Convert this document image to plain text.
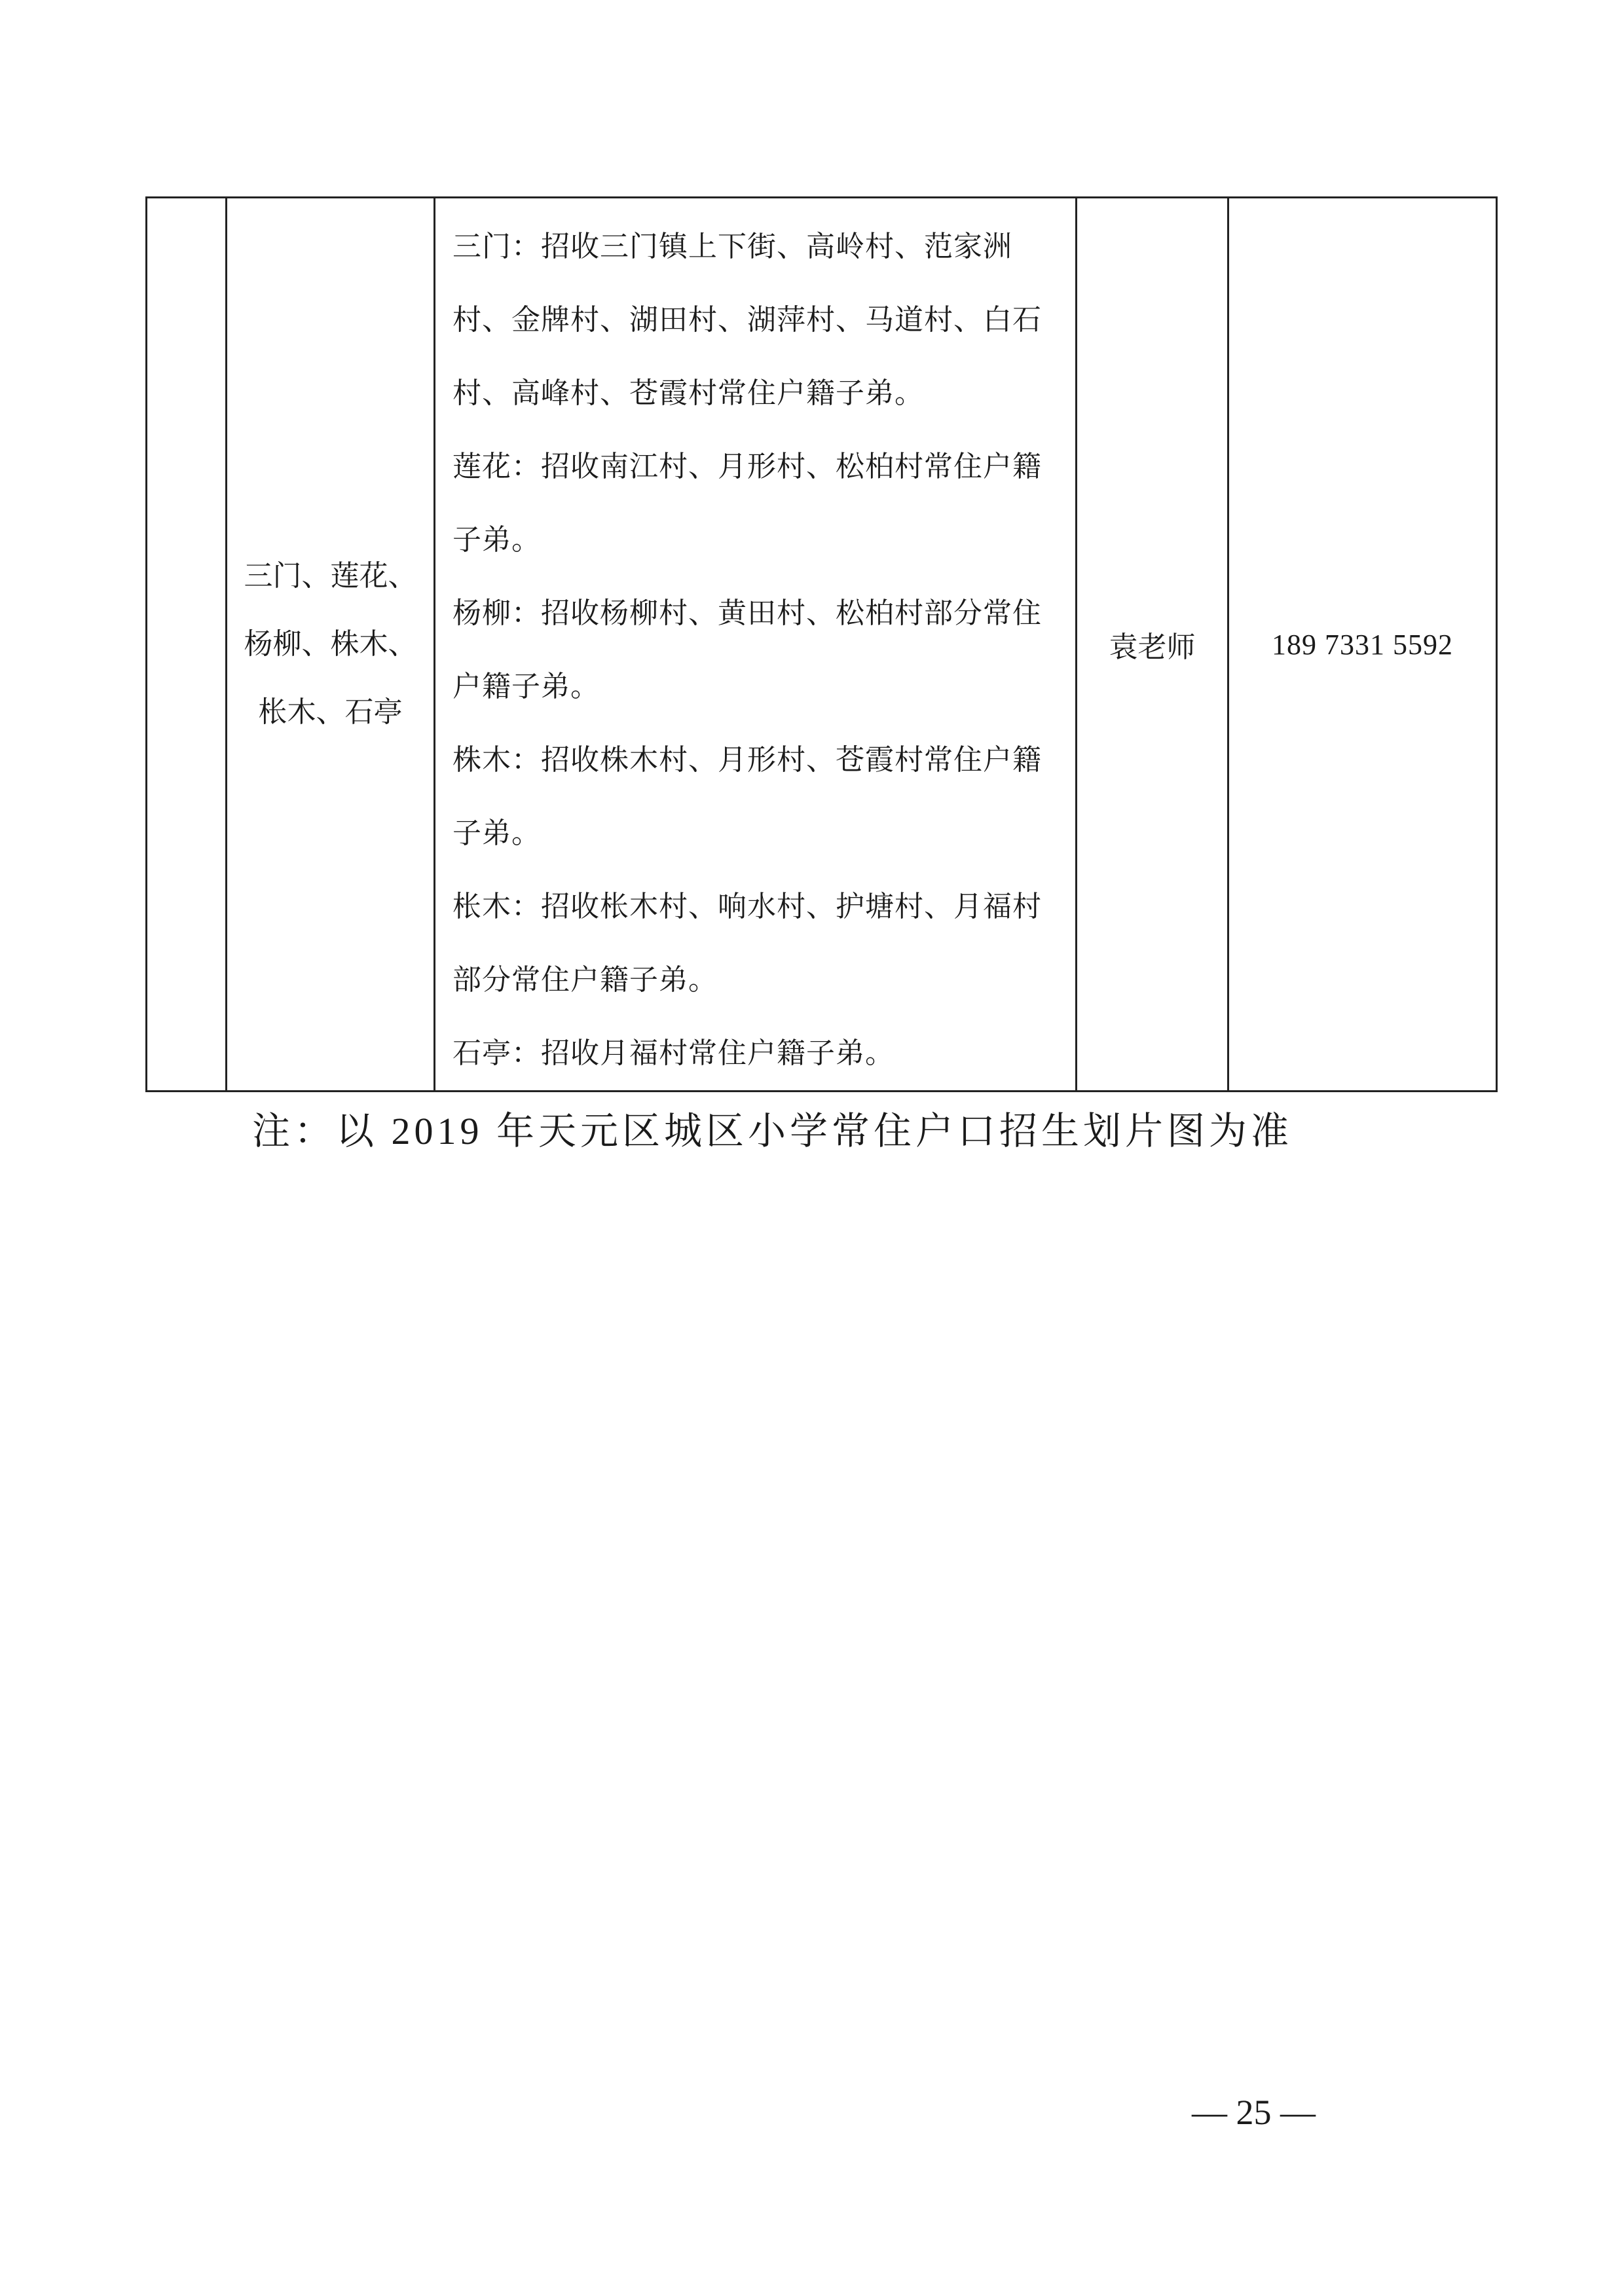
三门、莲花、
杨柳、株木、
枨木、石亭

三门：招收三门镇上下街、高岭村、范家洲村、金牌村、湖田村、湖萍村、马道村、白石村、高峰村、苍霞村常住户籍子弟。

莲花：招收南江村、月形村、松柏村常住户籍子弟。

杨柳：招收杨柳村、黄田村、松柏村部分常住户籍子弟。

株木：招收株木村、月形村、苍霞村常住户籍子弟。

枨木：招收枨木村、响水村、护塘村、月福村部分常住户籍子弟。

石亭：招收月福村常住户籍子弟。

	袁老师	189 7331 5592

注：以 2019 年天元区城区小学常住户口招生划片图为准

— 25 —
